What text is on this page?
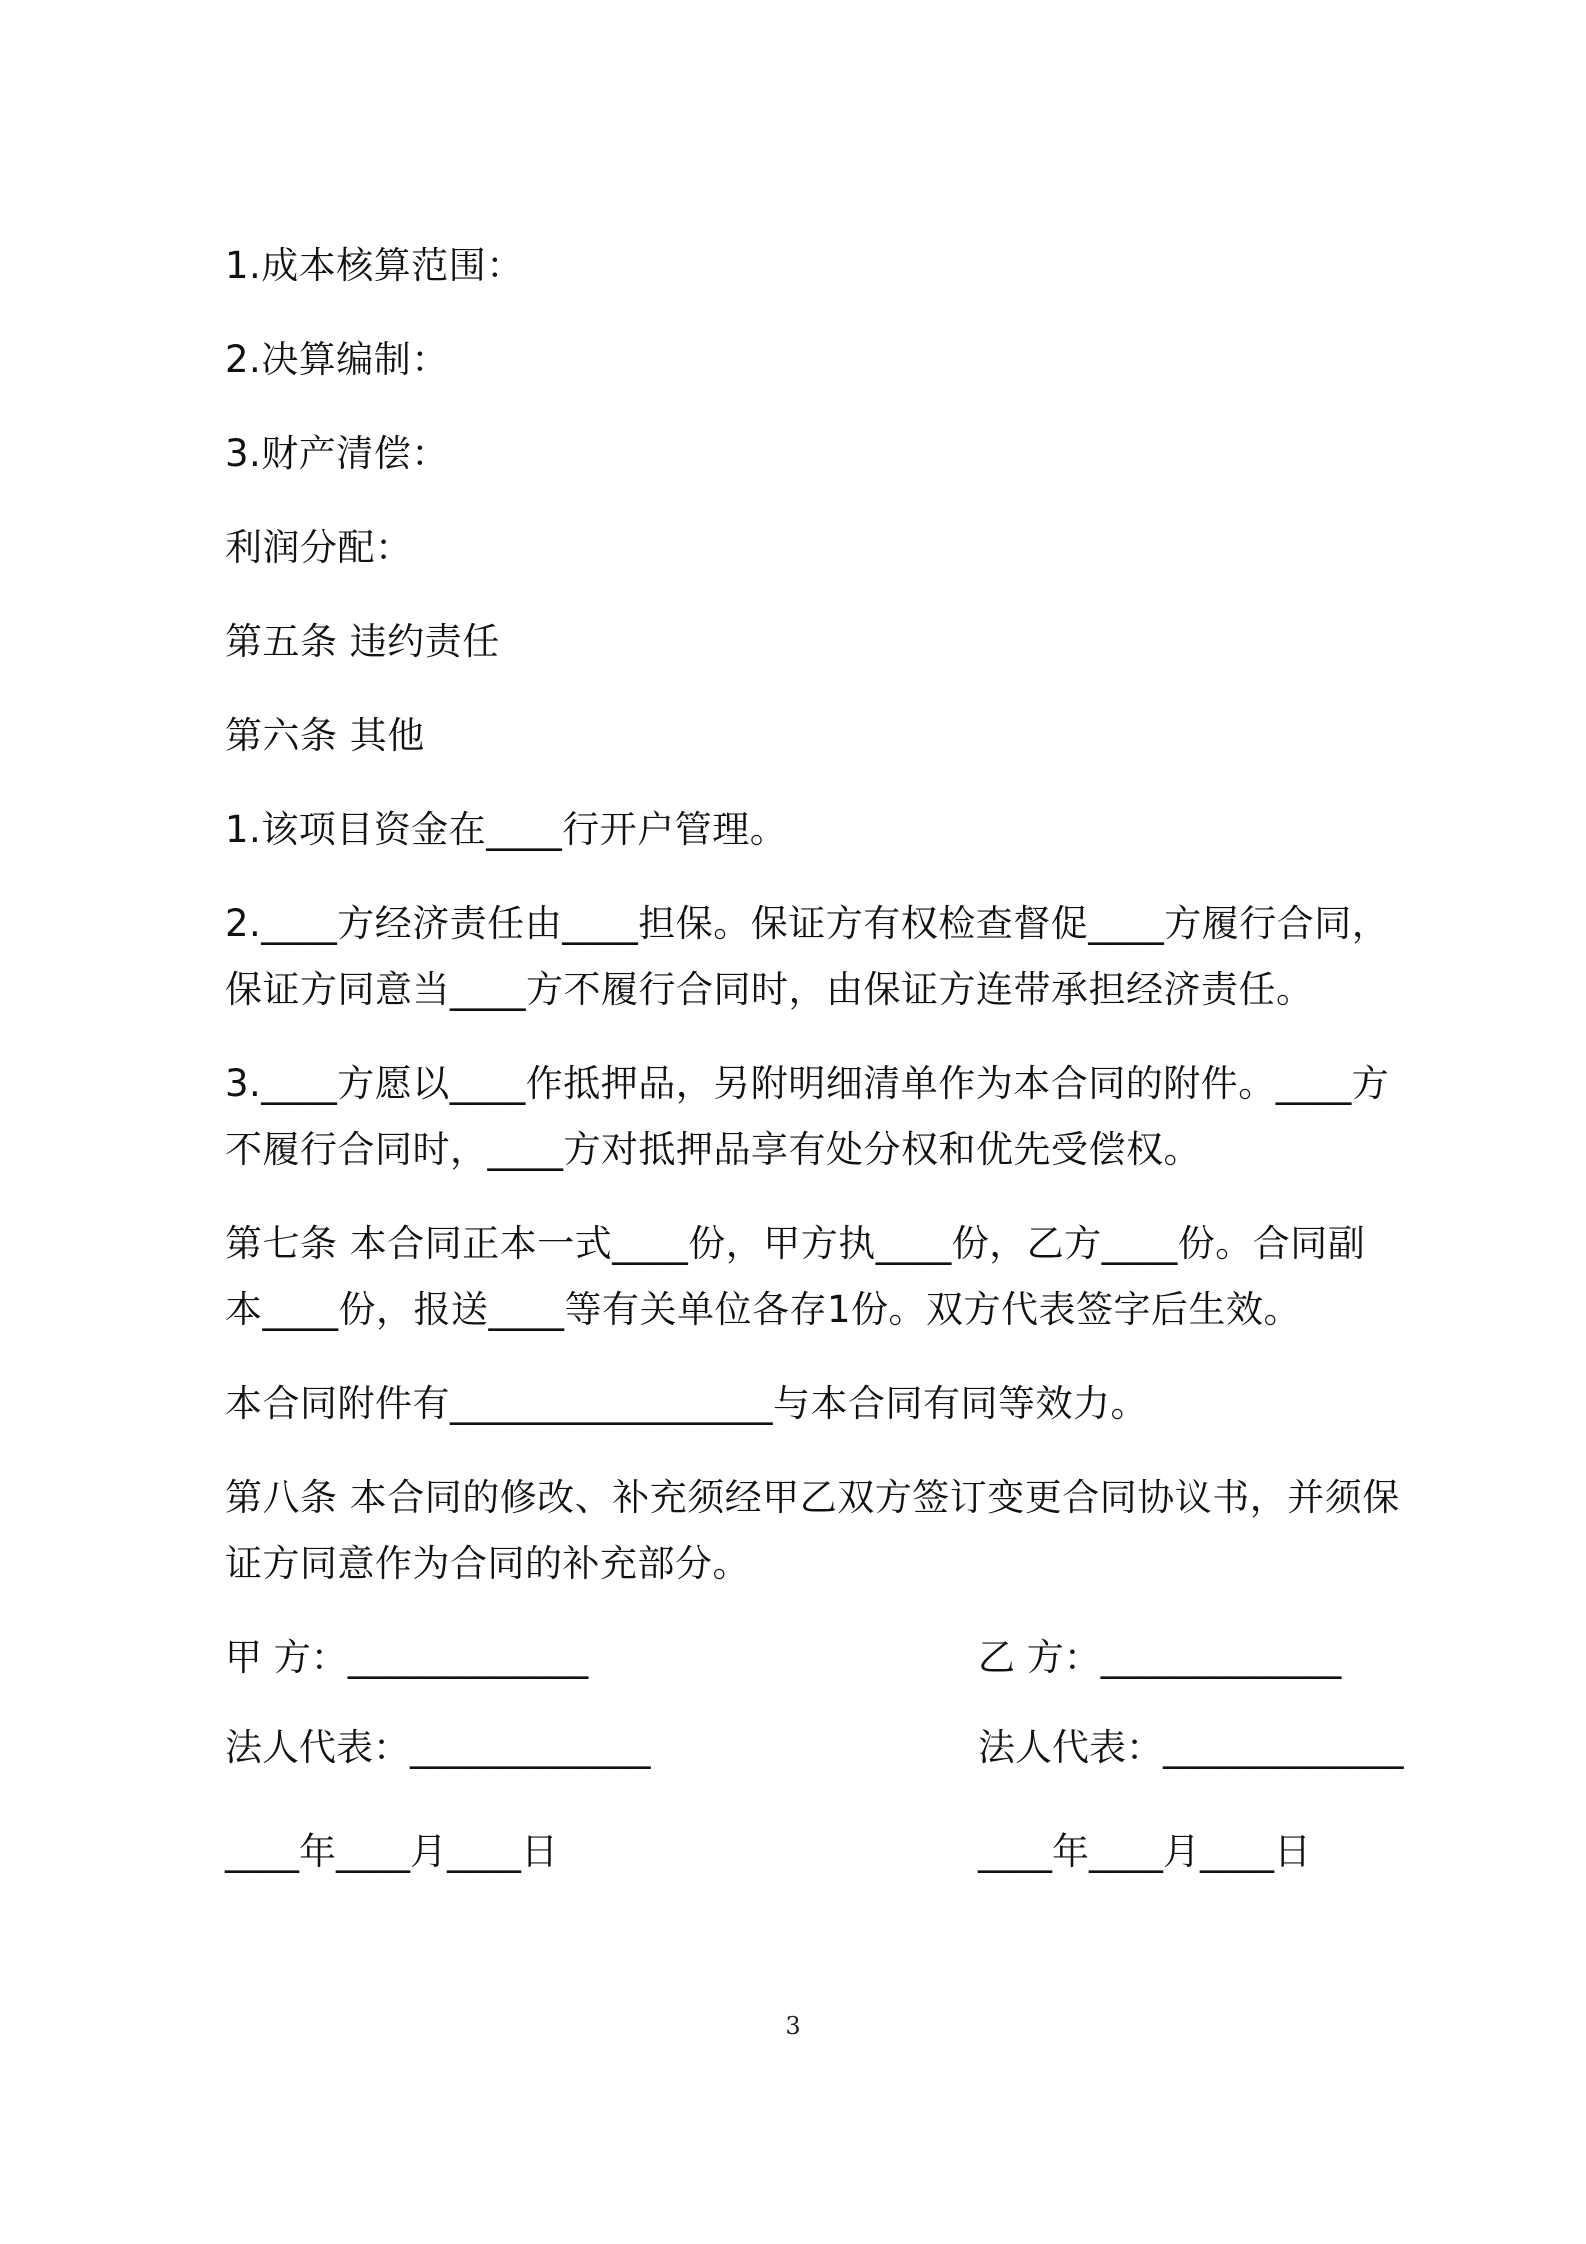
1.成本核算范围：
2.决算编制：
3.财产清偿：
利润分配：
第五条 违约责任
第六条 其他
1.该项目资金在____行开户管理。
2.____方经济责任由____担保。保证方有权检查督促____方履行合同，
保证方同意当____方不履行合同时，由保证方连带承担经济责任。
3.____方愿以____作抵押品，另附明细清单作为本合同的附件。____方
不履行合同时，____方对抵押品享有处分权和优先受偿权。
第七条 本合同正本一式____份，甲方执____份，乙方____份。合同副
本____份，报送____等有关单位各存1份。双方代表签字后生效。
本合同附件有_________________与本合同有同等效力。
第八条 本合同的修改、补充须经甲乙双方签订变更合同协议书，并须保
证方同意作为合同的补充部分。
甲 方：_____________	乙 方：_____________
法人代表：_____________	法人代表：_____________
____年____月____日	____年____月____日
3
